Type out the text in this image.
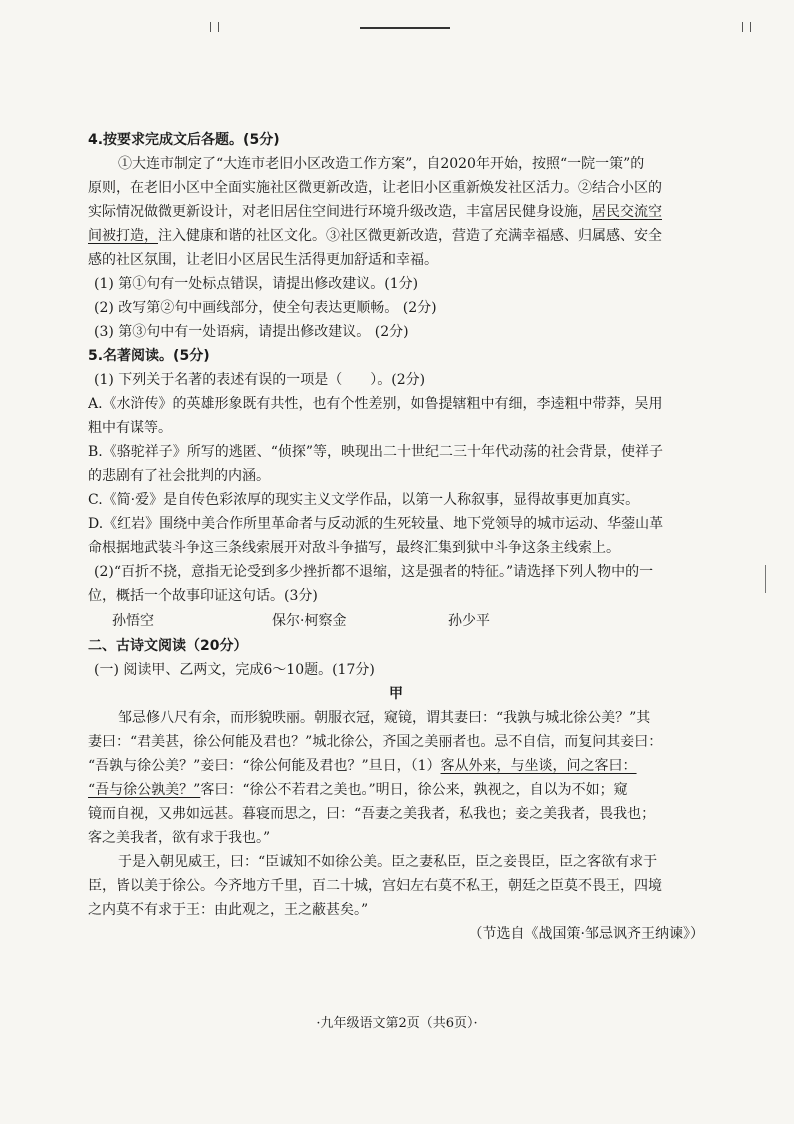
4.按要求完成文后各题。(5分)
①大连市制定了“大连市老旧小区改造工作方案”，自2020年开始，按照“一院一策”的
原则，在老旧小区中全面实施社区微更新改造，让老旧小区重新焕发社区活力。②结合小区的
实际情况做微更新设计，对老旧居住空间进行环境升级改造，丰富居民健身设施，居民交流空
间被打造，注入健康和谐的社区文化。③社区微更新改造，营造了充满幸福感、归属感、安全
感的社区氛围，让老旧小区居民生活得更加舒适和幸福。
(1) 第①句有一处标点错误，请提出修改建议。(1分)
(2) 改写第②句中画线部分，使全句表达更顺畅。 (2分)
(3) 第③句中有一处语病，请提出修改建议。 (2分)
5.名著阅读。(5分)
(1) 下列关于名著的表述有误的一项是（　　）。(2分)
A.《水浒传》的英雄形象既有共性，也有个性差别，如鲁提辖粗中有细，李逵粗中带莽，吴用
粗中有谋等。
B.《骆驼祥子》所写的逃匿、“侦探”等，映现出二十世纪二三十年代动荡的社会背景，使祥子
的悲剧有了社会批判的内涵。
C.《简·爱》是自传色彩浓厚的现实主义文学作品，以第一人称叙事，显得故事更加真实。
D.《红岩》围绕中美合作所里革命者与反动派的生死较量、地下党领导的城市运动、华蓥山革
命根据地武装斗争这三条线索展开对敌斗争描写，最终汇集到狱中斗争这条主线索上。
(2)“百折不挠，意指无论受到多少挫折都不退缩，这是强者的特征。”请选择下列人物中的一
位，概括一个故事印证这句话。(3分)
孙悟空	保尔·柯察金	孙少平
二、古诗文阅读（20分）
(一) 阅读甲、乙两文，完成6～10题。(17分)
甲
邹忌修八尺有余，而形貌昳丽。朝服衣冠，窥镜，谓其妻曰：“我孰与城北徐公美？”其
妻曰：“君美甚，徐公何能及君也？”城北徐公，齐国之美丽者也。忌不自信，而复问其妾曰：
“吾孰与徐公美？”妾曰：“徐公何能及君也？”旦日，（1）客从外来，与坐谈，问之客曰：
“吾与徐公孰美？”客曰：“徐公不若君之美也。”明日，徐公来，孰视之，自以为不如；窥
镜而自视，又弗如远甚。暮寝而思之，曰：“吾妻之美我者，私我也；妾之美我者，畏我也；
客之美我者，欲有求于我也。”
于是入朝见威王，曰：“臣诚知不如徐公美。臣之妻私臣，臣之妾畏臣，臣之客欲有求于
臣，皆以美于徐公。今齐地方千里，百二十城，宫妇左右莫不私王，朝廷之臣莫不畏王，四境
之内莫不有求于王：由此观之，王之蔽甚矣。”
（节选自《战国策·邹忌讽齐王纳谏》）
·九年级语文第2页（共6页）·
